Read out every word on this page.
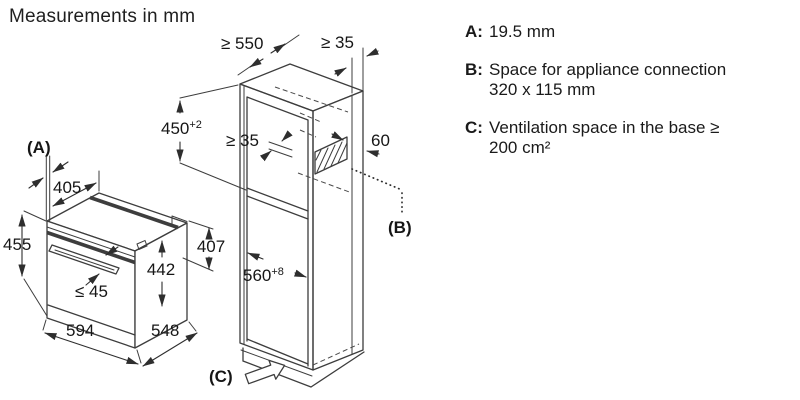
Measurements in mm
(A)
405
455
≤ 45
594	548
442
407
≥ 550	≥ 35
$450^{+2}$
≥ 35	60
$560^{+8}$
(B)
(C)
A: 19.5 mm
B: Space for appliance connection
320 x 115 mm
C: Ventilation space in the base ≥
200 cm²
